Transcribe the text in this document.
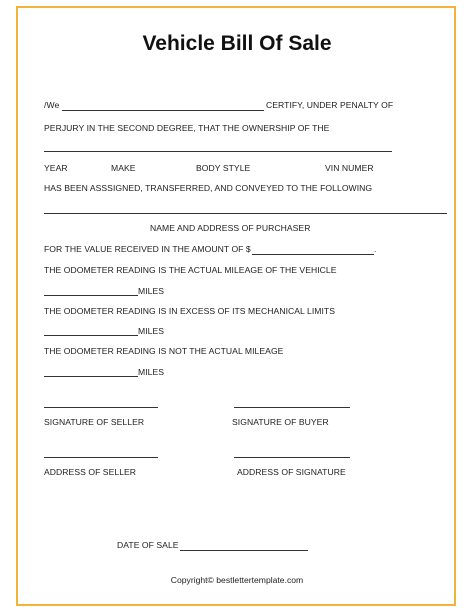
Vehicle Bill Of Sale
/We	CERTIFY, UNDER PENALTY OF
PERJURY IN THE SECOND DEGREE, THAT THE OWNERSHIP OF THE
YEAR	MAKE	BODY STYLE	VIN NUMER
HAS BEEN ASSSIGNED, TRANSFERRED, AND CONVEYED TO THE FOLLOWING
NAME AND ADDRESS OF PURCHASER
FOR THE VALUE RECEIVED IN THE AMOUNT OF $	.
THE ODOMETER READING IS THE ACTUAL MILEAGE OF THE VEHICLE
MILES
THE ODOMETER READING IS IN EXCESS OF ITS MECHANICAL LIMITS
MILES
THE ODOMETER READING IS NOT THE ACTUAL MILEAGE
MILES
SIGNATURE OF SELLER	SIGNATURE OF BUYER
ADDRESS OF SELLER	ADDRESS OF SIGNATURE
DATE OF SALE
Copyright© bestlettertemplate.com
